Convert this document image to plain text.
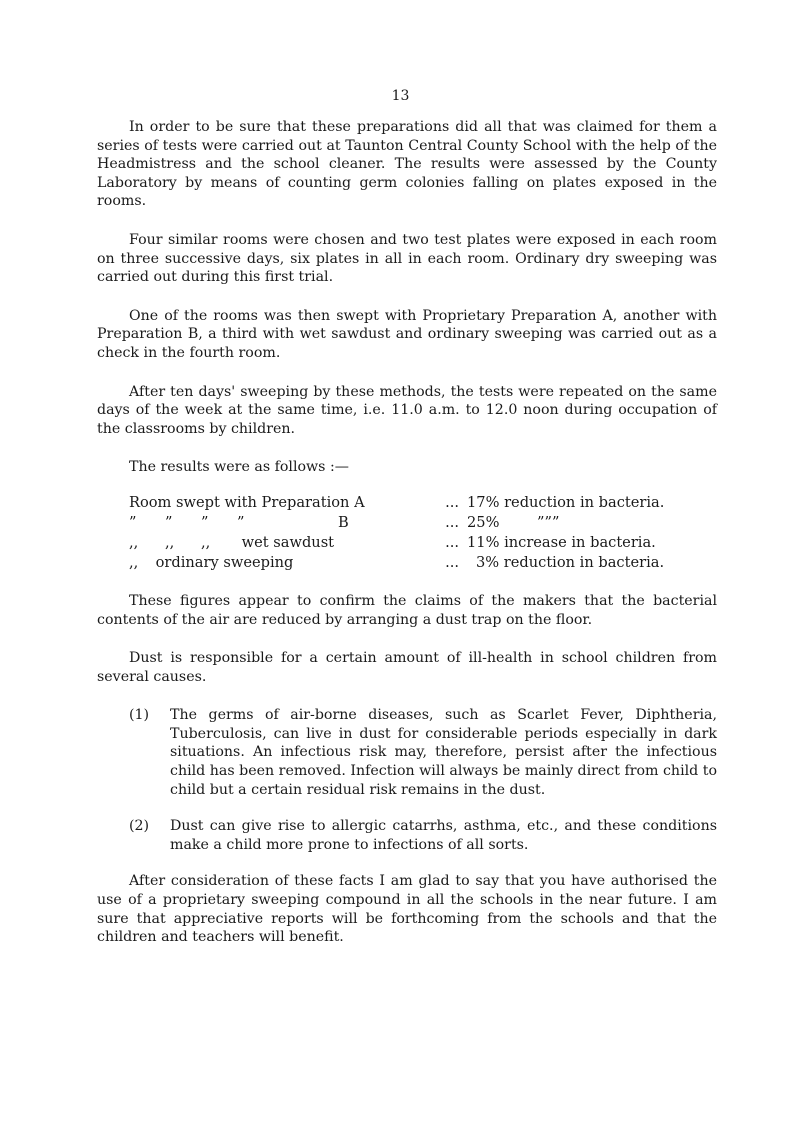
13

In order to be sure that these preparations did all that was claimed for them a series of tests were carried out at Taunton Central County School with the help of the Headmistress and the school cleaner. The results were assessed by the County Laboratory by means of counting germ colonies falling on plates exposed in the rooms.

Four similar rooms were chosen and two test plates were exposed in each room on three successive days, six plates in all in each room. Ordinary dry sweeping was carried out during this first trial.

One of the rooms was then swept with Proprietary Preparation A, another with Preparation B, a third with wet sawdust and ordinary sweeping was carried out as a check in the fourth room.

After ten days' sweeping by these methods, the tests were repeated on the same days of the week at the same time, i.e. 11.0 a.m. to 12.0 noon during occupation of the classrooms by children.

The results were as follows :—

Room swept with Preparation A	... 17% reduction in bacteria.
” ” ” ”	B	... 25%	”””
,, ,, ,, wet sawdust	... 11% increase in bacteria.
,, ordinary sweeping	...	3% reduction in bacteria.

These figures appear to confirm the claims of the makers that the bacterial contents of the air are reduced by arranging a dust trap on the floor.

Dust is responsible for a certain amount of ill-health in school children from several causes.

(1)	The germs of air-borne diseases, such as Scarlet Fever, Diphtheria, Tuberculosis, can live in dust for considerable periods especially in dark situations. An infectious risk may, therefore, persist after the infectious child has been removed. Infection will always be mainly direct from child to child but a certain residual risk remains in the dust.
(2)	Dust can give rise to allergic catarrhs, asthma, etc., and these conditions make a child more prone to infections of all sorts.

After consideration of these facts I am glad to say that you have authorised the use of a proprietary sweeping compound in all the schools in the near future. I am sure that appreciative reports will be forthcoming from the schools and that the children and teachers will benefit.
